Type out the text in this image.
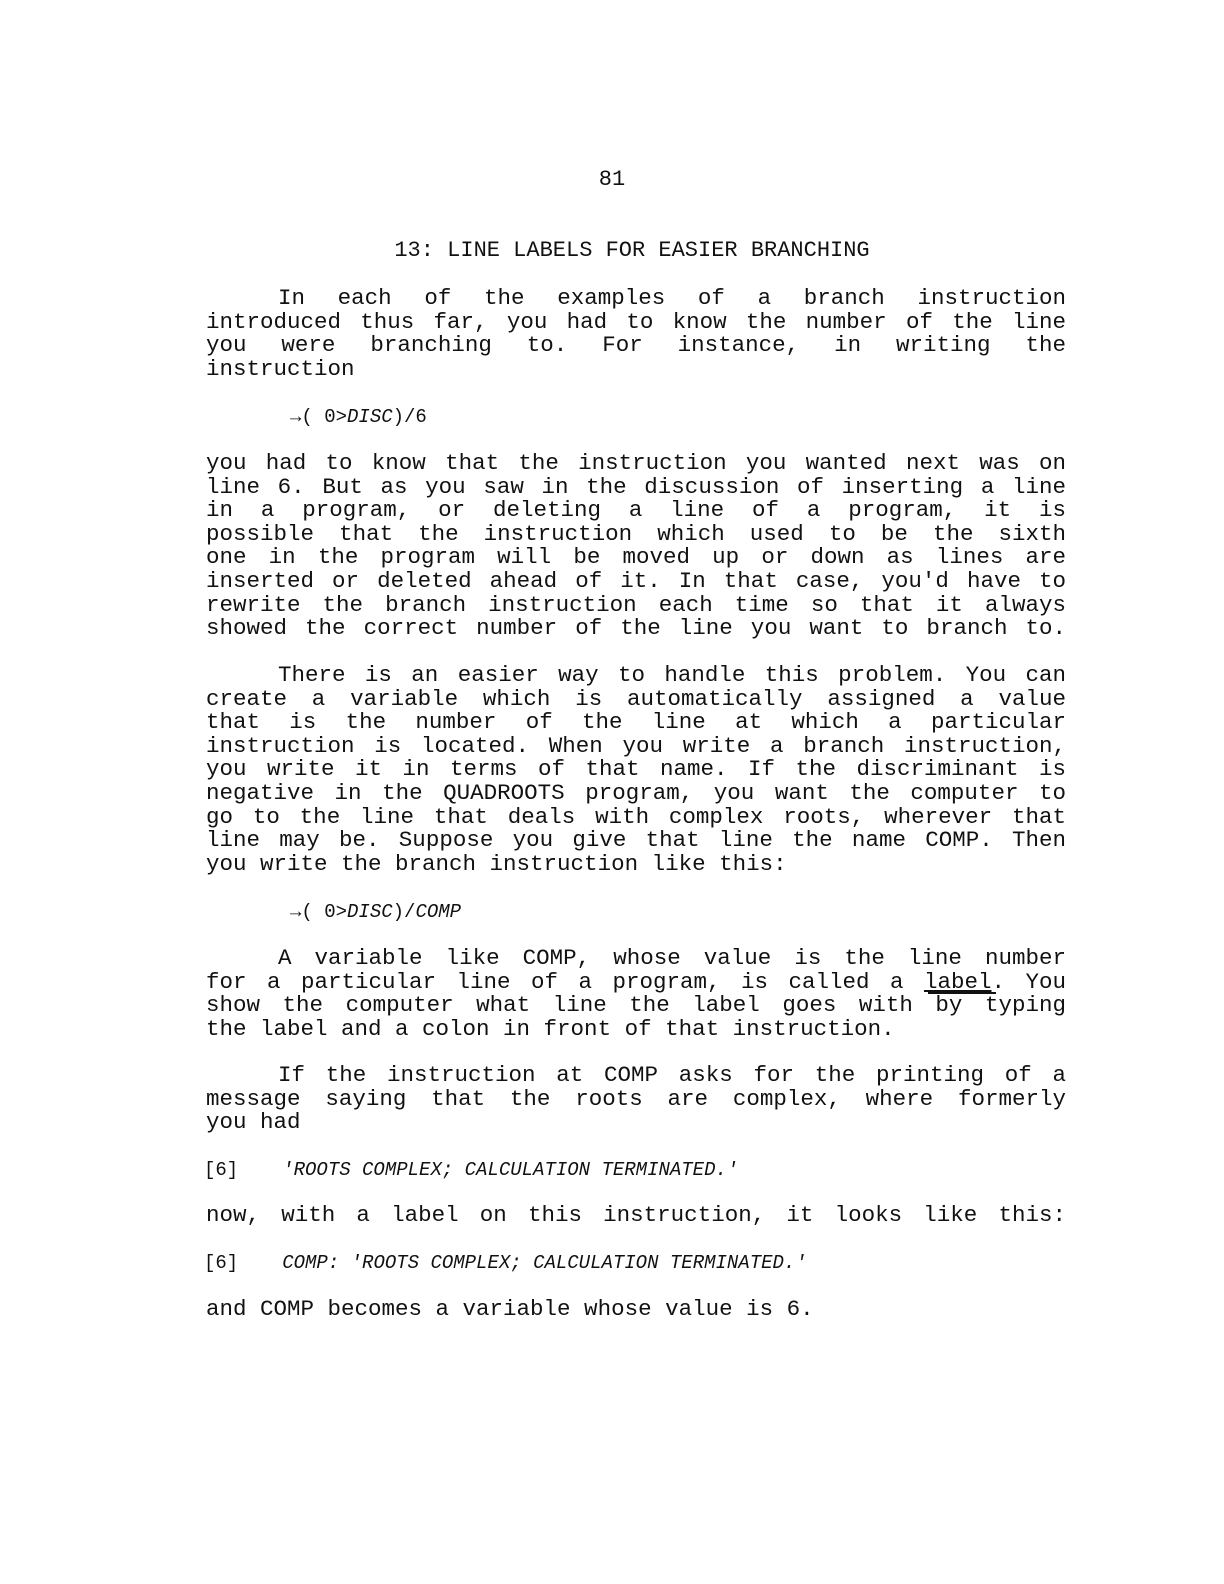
81
13: LINE LABELS FOR EASIER BRANCHING
In each of the examples of a branch instruction
introduced thus far, you had to know the number of the line
you were branching to. For instance, in writing the
instruction
→( 0>DISC)/6
you had to know that the instruction you wanted next was on
line 6. But as you saw in the discussion of inserting a line
in a program, or deleting a line of a program, it is
possible that the instruction which used to be the sixth
one in the program will be moved up or down as lines are
inserted or deleted ahead of it. In that case, you'd have to
rewrite the branch instruction each time so that it always
showed the correct number of the line you want to branch to.
There is an easier way to handle this problem. You can
create a variable which is automatically assigned a value
that is the number of the line at which a particular
instruction is located. When you write a branch instruction,
you write it in terms of that name. If the discriminant is
negative in the QUADROOTS program, you want the computer to
go to the line that deals with complex roots, wherever that
line may be. Suppose you give that line the name COMP. Then
you write the branch instruction like this:
→( 0>DISC)/COMP
A variable like COMP, whose value is the line number
for a particular line of a program, is called a label. You
show the computer what line the label goes with by typing
the label and a colon in front of that instruction.
If the instruction at COMP asks for the printing of a
message saying that the roots are complex, where formerly
you had
[6] 'ROOTS COMPLEX; CALCULATION TERMINATED.'
now, with a label on this instruction, it looks like this:
[6] COMP: 'ROOTS COMPLEX; CALCULATION TERMINATED.'
and COMP becomes a variable whose value is 6.
